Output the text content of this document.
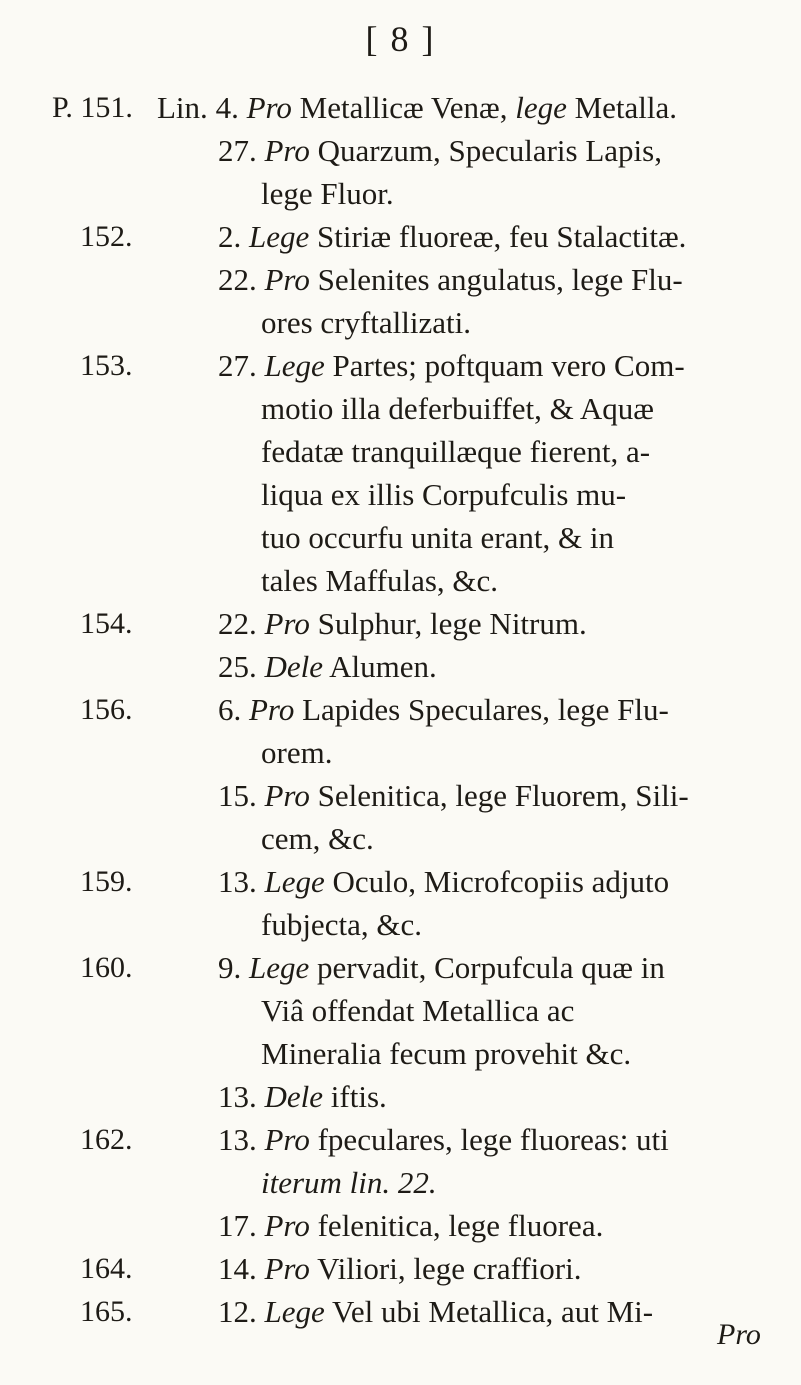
[ 8 ]
P. 151. Lin. 4. Pro Metallicæ Venæ, lege Metalla.
27. Pro Quarzum, Specularis Lapis,
lege Fluor.
152.	2. Lege Stiriæ fluoreæ, feu Stalactitæ.
22. Pro Selenites angulatus, lege Flu-
ores cryftallizati.
153.	27. Lege Partes; poftquam vero Com-
motio illa deferbuiffet, & Aquæ
fedatæ tranquillæque fierent, a-
liqua ex illis Corpufculis mu-
tuo occurfu unita erant, & in
tales Maffulas, &c.
154.	22. Pro Sulphur, lege Nitrum.
25. Dele Alumen.
156.	6. Pro Lapides Speculares, lege Flu-
orem.
15. Pro Selenitica, lege Fluorem, Sili-
cem, &c.
159.	13. Lege Oculo, Microfcopiis adjuto
fubjecta, &c.
160.	9. Lege pervadit, Corpufcula quæ in
Viâ offendat Metallica ac
Mineralia fecum provehit &c.
13. Dele iftis.
162.	13. Pro fpeculares, lege fluoreas: uti
iterum lin. 22.
17. Pro felenitica, lege fluorea.
164.	14. Pro Viliori, lege craffiori.
165.	12. Lege Vel ubi Metallica, aut Mi-
Pro
